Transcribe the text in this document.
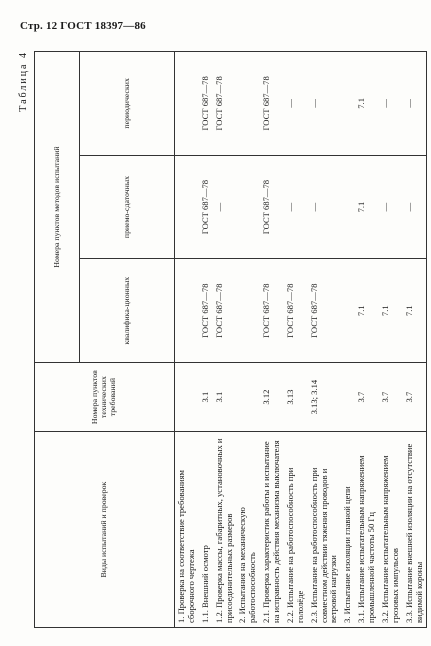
Стр. 12 ГОСТ 18397—86
Таблица 4
Виды испытаний и проверок	Номера пунктов технических требований	Номера пунктов методов испытаний		
		квалифика-ционных	приемо-сдаточных	периодических
1. Проверка на соответствие требованиям сборочного чертежа				
1.1. Внешний осмотр	3.1	ГОСТ 687—78	ГОСТ 687—78	ГОСТ 687—78
1.2. Проверка массы, габаритных, установочных и присоединительных размеров	3.1	ГОСТ 687—78	—	ГОСТ 687—78
2. Испытания на механическую работоспособность				
2.1. Проверка характеристик работы и испытание на исправность действия механизма выключателя	3.12	ГОСТ 687—78	ГОСТ 687—78	ГОСТ 687—78
2.2. Испытание на работоспособность при гололёде	3.13	ГОСТ 687—78	—	—
2.3. Испытание на работоспособность при совместном действии тяжения проводов и ветровой нагрузки	3.13; 3.14	ГОСТ 687—78	—	—
3. Испытание изоляции главной цепи				
3.1. Испытание испытательным напряжением промышленной частоты 50 Гц	3.7	7.1	7.1	7.1
3.2. Испытание испытательным напряжением грозовых импульсов	3.7	7.1	—	—
3.3. Испытание внешней изоляции на отсутствие видимой короны	3.7	7.1	—	—
